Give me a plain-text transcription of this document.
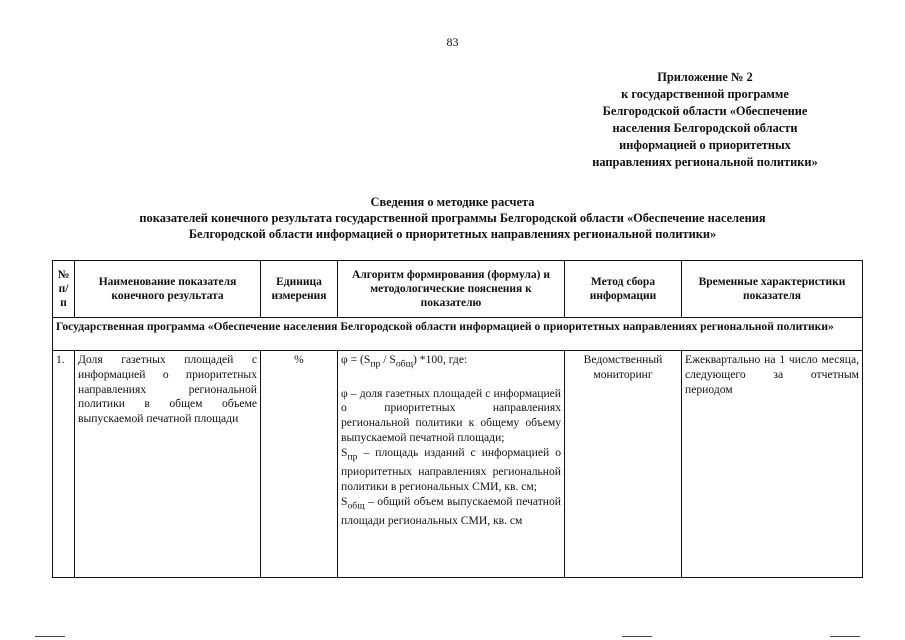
83
Приложение № 2
к государственной программе
Белгородской области «Обеспечение
населения Белгородской области
информацией о приоритетных
направлениях региональной политики»
Сведения о методике расчета
показателей конечного результата государственной программы Белгородской области «Обеспечение населения
Белгородской области информацией о приоритетных направлениях региональной политики»
№ п/п	Наименование показателя конечного результата	Единица измерения	Алгоритм формирования (формула) и методологические пояснения к показателю	Метод сбора информации	Временные характеристики показателя
Государственная программа «Обеспечение населения Белгородской области информацией о приоритетных направлениях региональной политики»					
1.	Доля газетных площадей с информацией о приоритетных направлениях региональной политики в общем объеме выпускаемой печатной площади	%	$\varphi = (S_{пр} / S_{общ})$ *100, где:

φ – доля газетных площадей с информацией о приоритетных направлениях региональной политики к общему объему выпускаемой печатной площади;

$S_{пр}$ – площадь изданий с информацией о приоритетных направлениях региональной политики в региональных СМИ, кв. см;

$S_{общ}$ – общий объем выпускаемой печатной площади региональных СМИ, кв. см	Ведомственный мониторинг	Ежеквартально на 1 число месяца, следующего за отчетным периодом
